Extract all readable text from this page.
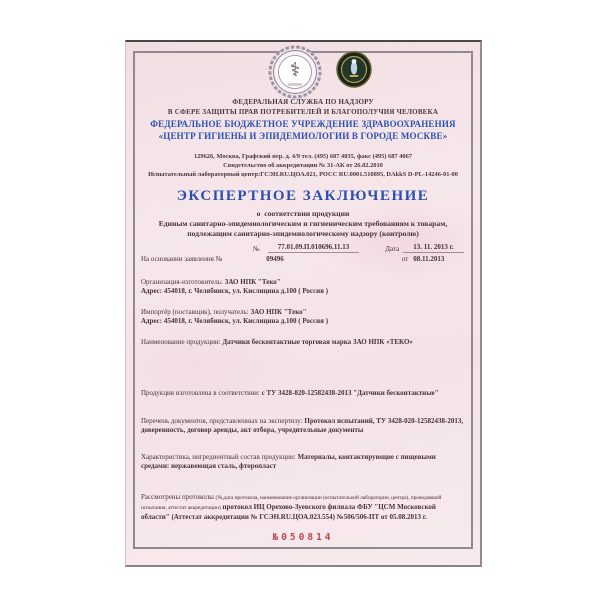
⚕
ФЕДЕРАЛЬНАЯ СЛУЖБА ПО НАДЗОРУ
В СФЕРЕ ЗАЩИТЫ ПРАВ ПОТРЕБИТЕЛЕЙ И БЛАГОПОЛУЧИЯ ЧЕЛОВЕКА
ФЕДЕРАЛЬНОЕ БЮДЖЕТНОЕ УЧРЕЖДЕНИЕ ЗДРАВООХРАНЕНИЯ
«ЦЕНТР ГИГИЕНЫ И ЭПИДЕМИОЛОГИИ В ГОРОДЕ МОСКВЕ»
129626, Москва, Графский пер. д. 4/9 тел. (495) 687 4035, факс (495) 687 4067
Свидетельство об аккредитации № 31-АК от 26.02.2010
Испытательный лабораторный центр:ГСЭН.RU.ЦОА.021, РОСС RU.0001.510895, DAkkS D-PL-14246-01-00
ЭКСПЕРТНОЕ ЗАКЛЮЧЕНИЕ
о  соответствии продукции
Единым санитарно-эпидемиологическим и гигиеническим требованиям к товарам,
подлежащим санитарно-эпидемиологическому надзору (контролю)
№	77.01.09.П.010696.11.13	Дата	13. 11. 2013 г.
На основании заявления №	09496	от 08.11.2013
Организация-изготовитель: ЗАО НПК "Теко"
Адрес: 454018, г. Челябинск, ул. Кислицина д.100 ( Россия )
Импортёр (поставщик), получатель: ЗАО НПК "Теко"
Адрес: 454018, г. Челябинск, ул. Кислицина д.100 ( Россия )
Наименование продукции: Датчики бесконтактные торговая марка ЗАО НПК «ТЕКО»
Продукция изготовлена в соответствии: с ТУ 3428-020-12582438-2013 "Датчики бесконтактные"
Перечень документов, представленных на экспертизу: Протокол испытаний, ТУ 3428-020-12582438-2013, доверенность, договор аренды, акт отбора, учредительные документы
Характеристика, ингредиентный состав продукции: Материалы, контактирующие с пищевыми средами: нержавеющая сталь, фторопласт
Рассмотрены протоколы (№,дата протокола, наименование организации (испытательной лаборатории, центра), проводившей испытания, аттестат аккредитации) протокол ИЦ Орехово-Зуевского филиала ФБУ "ЦСМ Московской области" (Аттестат аккредитации № ГСЭН.RU.ЦОА.023.554) №506/506-ПТ от 05.08.2013 г.
№050814
